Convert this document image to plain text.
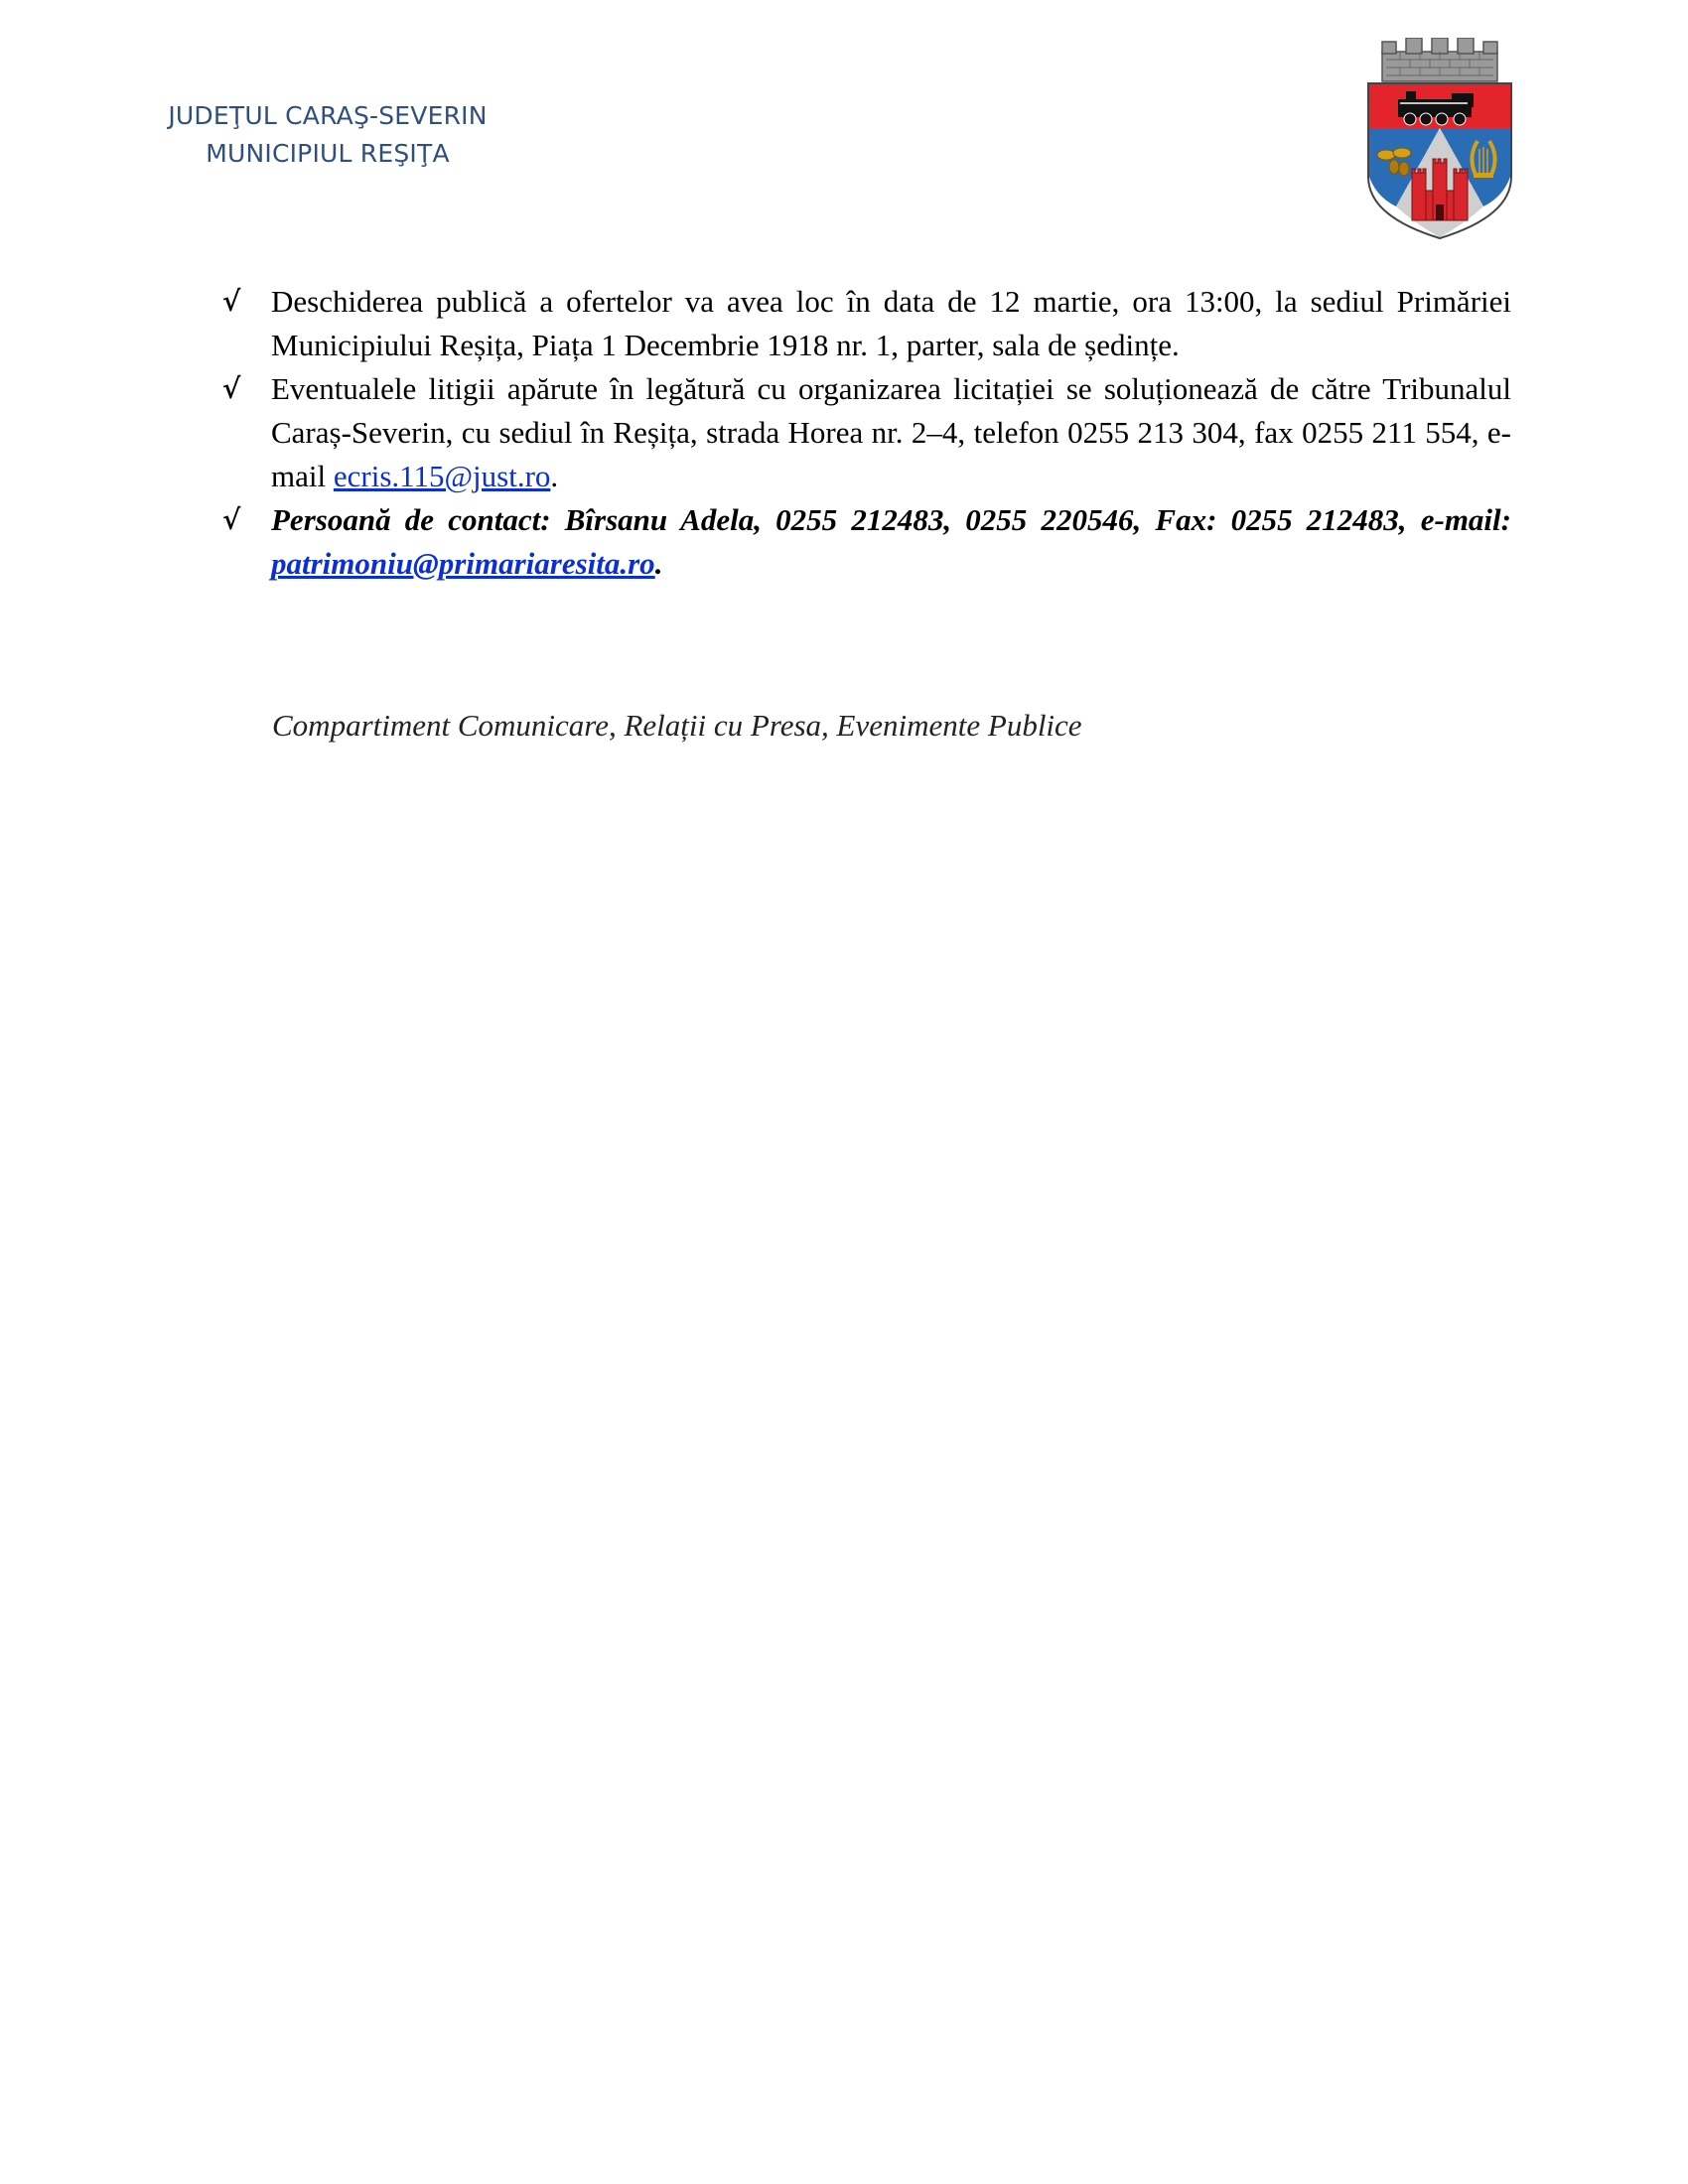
JUDEŢUL CARAŞ-SEVERIN
MUNICIPIUL REŞIŢA
√ Deschiderea publică a ofertelor va avea loc în data de 12 martie, ora 13:00, la sediul Primăriei Municipiului Reșița, Piața 1 Decembrie 1918 nr. 1, parter, sala de ședințe.
√ Eventualele litigii apărute în legătură cu organizarea licitației se soluționează de către Tribunalul Caraș-Severin, cu sediul în Reșița, strada Horea nr. 2–4, telefon 0255 213 304, fax 0255 211 554, e-mail ecris.115@just.ro.
√ Persoană de contact: Bîrsanu Adela, 0255 212483, 0255 220546, Fax: 0255 212483, e-mail: patrimoniu@primariaresita.ro.
Compartiment Comunicare, Relații cu Presa, Evenimente Publice
